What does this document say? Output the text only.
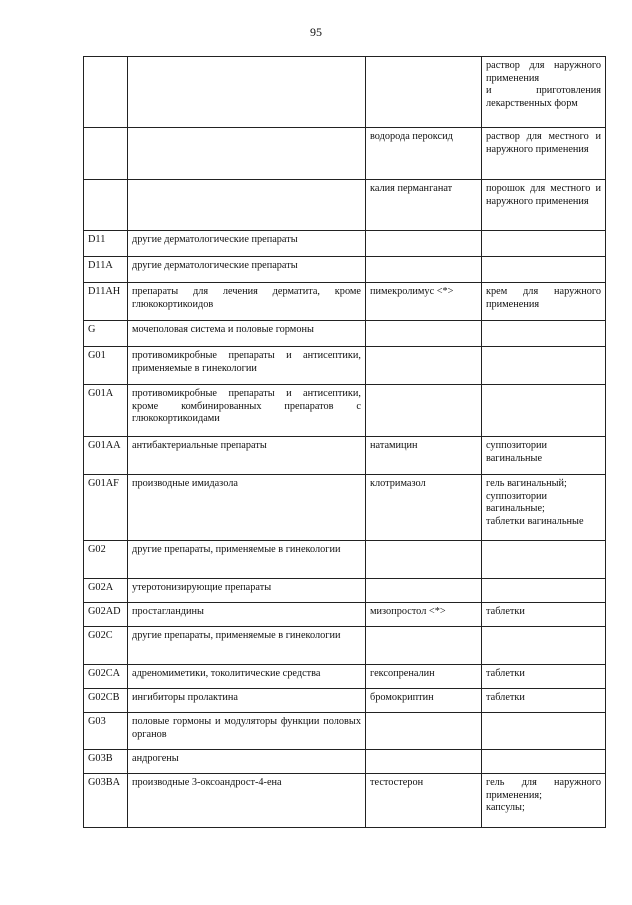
95

			раствор для наружного применения
и приготовления лекарственных форм

		водорода пероксид	раствор для местного и наружного применения

		калия перманганат	порошок для местного и наружного применения

D11	другие дерматологические препараты		

D11A	другие дерматологические препараты		

D11AH	препараты для лечения дерматита, кроме глюкокортикоидов	пимекролимус <*>	крем для наружного применения

G	мочеполовая система и половые гормоны		

G01	противомикробные препараты и антисептики, применяемые в гинекологии		

G01A	противомикробные препараты и антисептики, кроме комбинированных препаратов с глюкокортикоидами		

G01AA	антибактериальные препараты	натамицин	суппозитории вагинальные

G01AF	производные имидазола	клотримазол	гель вагинальный;
суппозитории вагинальные;
таблетки вагинальные

G02	другие препараты, применяемые в гинекологии		

G02A	утеротонизирующие препараты		

G02AD	простагландины	мизопростол <*>	таблетки

G02C	другие препараты, применяемые в гинекологии		

G02CA	адреномиметики, токолитические средства	гексопреналин	таблетки

G02CB	ингибиторы пролактина	бромокриптин	таблетки

G03	половые гормоны и модуляторы функции половых органов		

G03B	андрогены		

G03BA	производные 3-оксоандрост-4-ена	тестостерон	гель для наружного применения;
капсулы;
